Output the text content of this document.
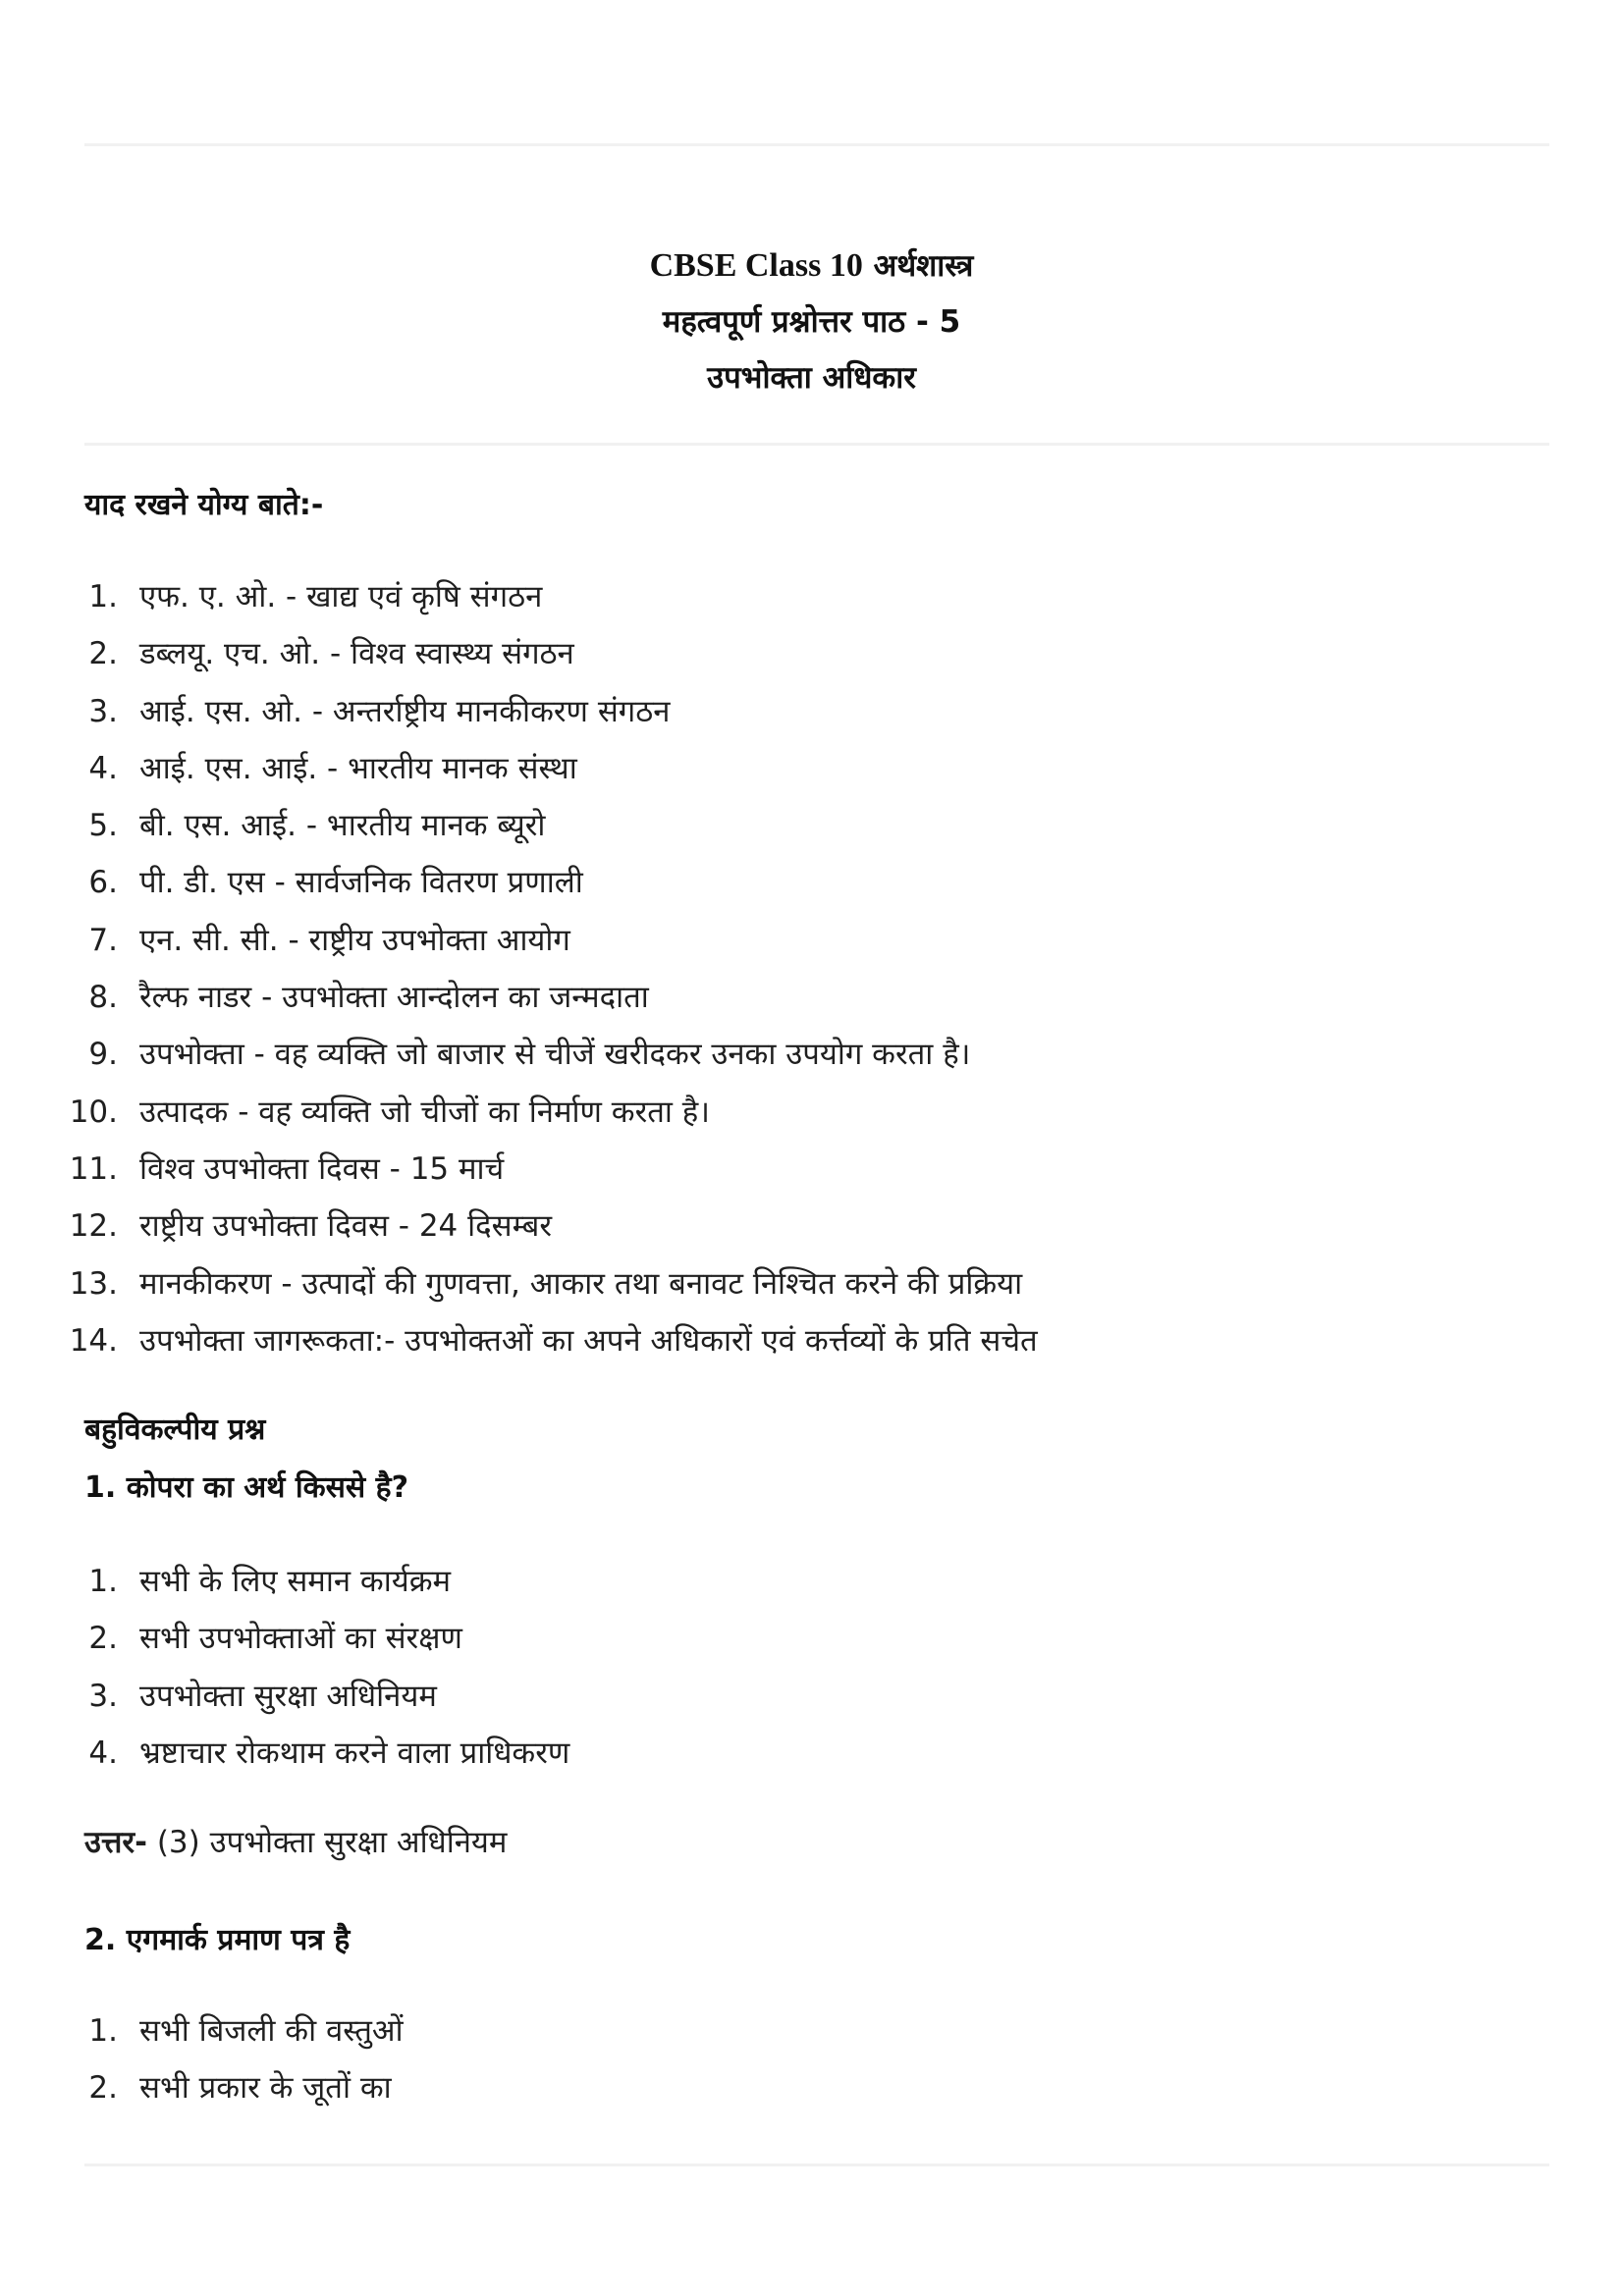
CBSE Class 10 अर्थशास्त्र
महत्वपूर्ण प्रश्नोत्तर पाठ - 5
उपभोक्ता अधिकार
याद रखने योग्य बाते:-
1. एफ. ए. ओ. - खाद्य एवं कृषि संगठन
2. डब्लयू. एच. ओ. - विश्व स्वास्थ्य संगठन
3. आई. एस. ओ. - अन्तर्राष्ट्रीय मानकीकरण संगठन
4. आई. एस. आई. - भारतीय मानक संस्था
5. बी. एस. आई. - भारतीय मानक ब्यूरो
6. पी. डी. एस - सार्वजनिक वितरण प्रणाली
7. एन. सी. सी. - राष्ट्रीय उपभोक्ता आयोग
8. रैल्फ नाडर - उपभोक्ता आन्दोलन का जन्मदाता
9. उपभोक्ता - वह व्यक्ति जो बाजार से चीजें खरीदकर उनका उपयोग करता है।
10. उत्पादक - वह व्यक्ति जो चीजों का निर्माण करता है।
11. विश्व उपभोक्ता दिवस - 15 मार्च
12. राष्ट्रीय उपभोक्ता दिवस - 24 दिसम्बर
13. मानकीकरण - उत्पादों की गुणवत्ता, आकार तथा बनावट निश्चित करने की प्रक्रिया
14. उपभोक्ता जागरूकता:- उपभोक्तओं का अपने अधिकारों एवं कर्त्तव्यों के प्रति सचेत
बहुविकल्पीय प्रश्न
1. कोपरा का अर्थ किससे है?
1. सभी के लिए समान कार्यक्रम
2. सभी उपभोक्ताओं का संरक्षण
3. उपभोक्ता सुरक्षा अधिनियम
4. भ्रष्टाचार रोकथाम करने वाला प्राधिकरण
उत्तर- (3) उपभोक्ता सुरक्षा अधिनियम
2. एगमार्क प्रमाण पत्र है
1. सभी बिजली की वस्तुओं
2. सभी प्रकार के जूतों का
